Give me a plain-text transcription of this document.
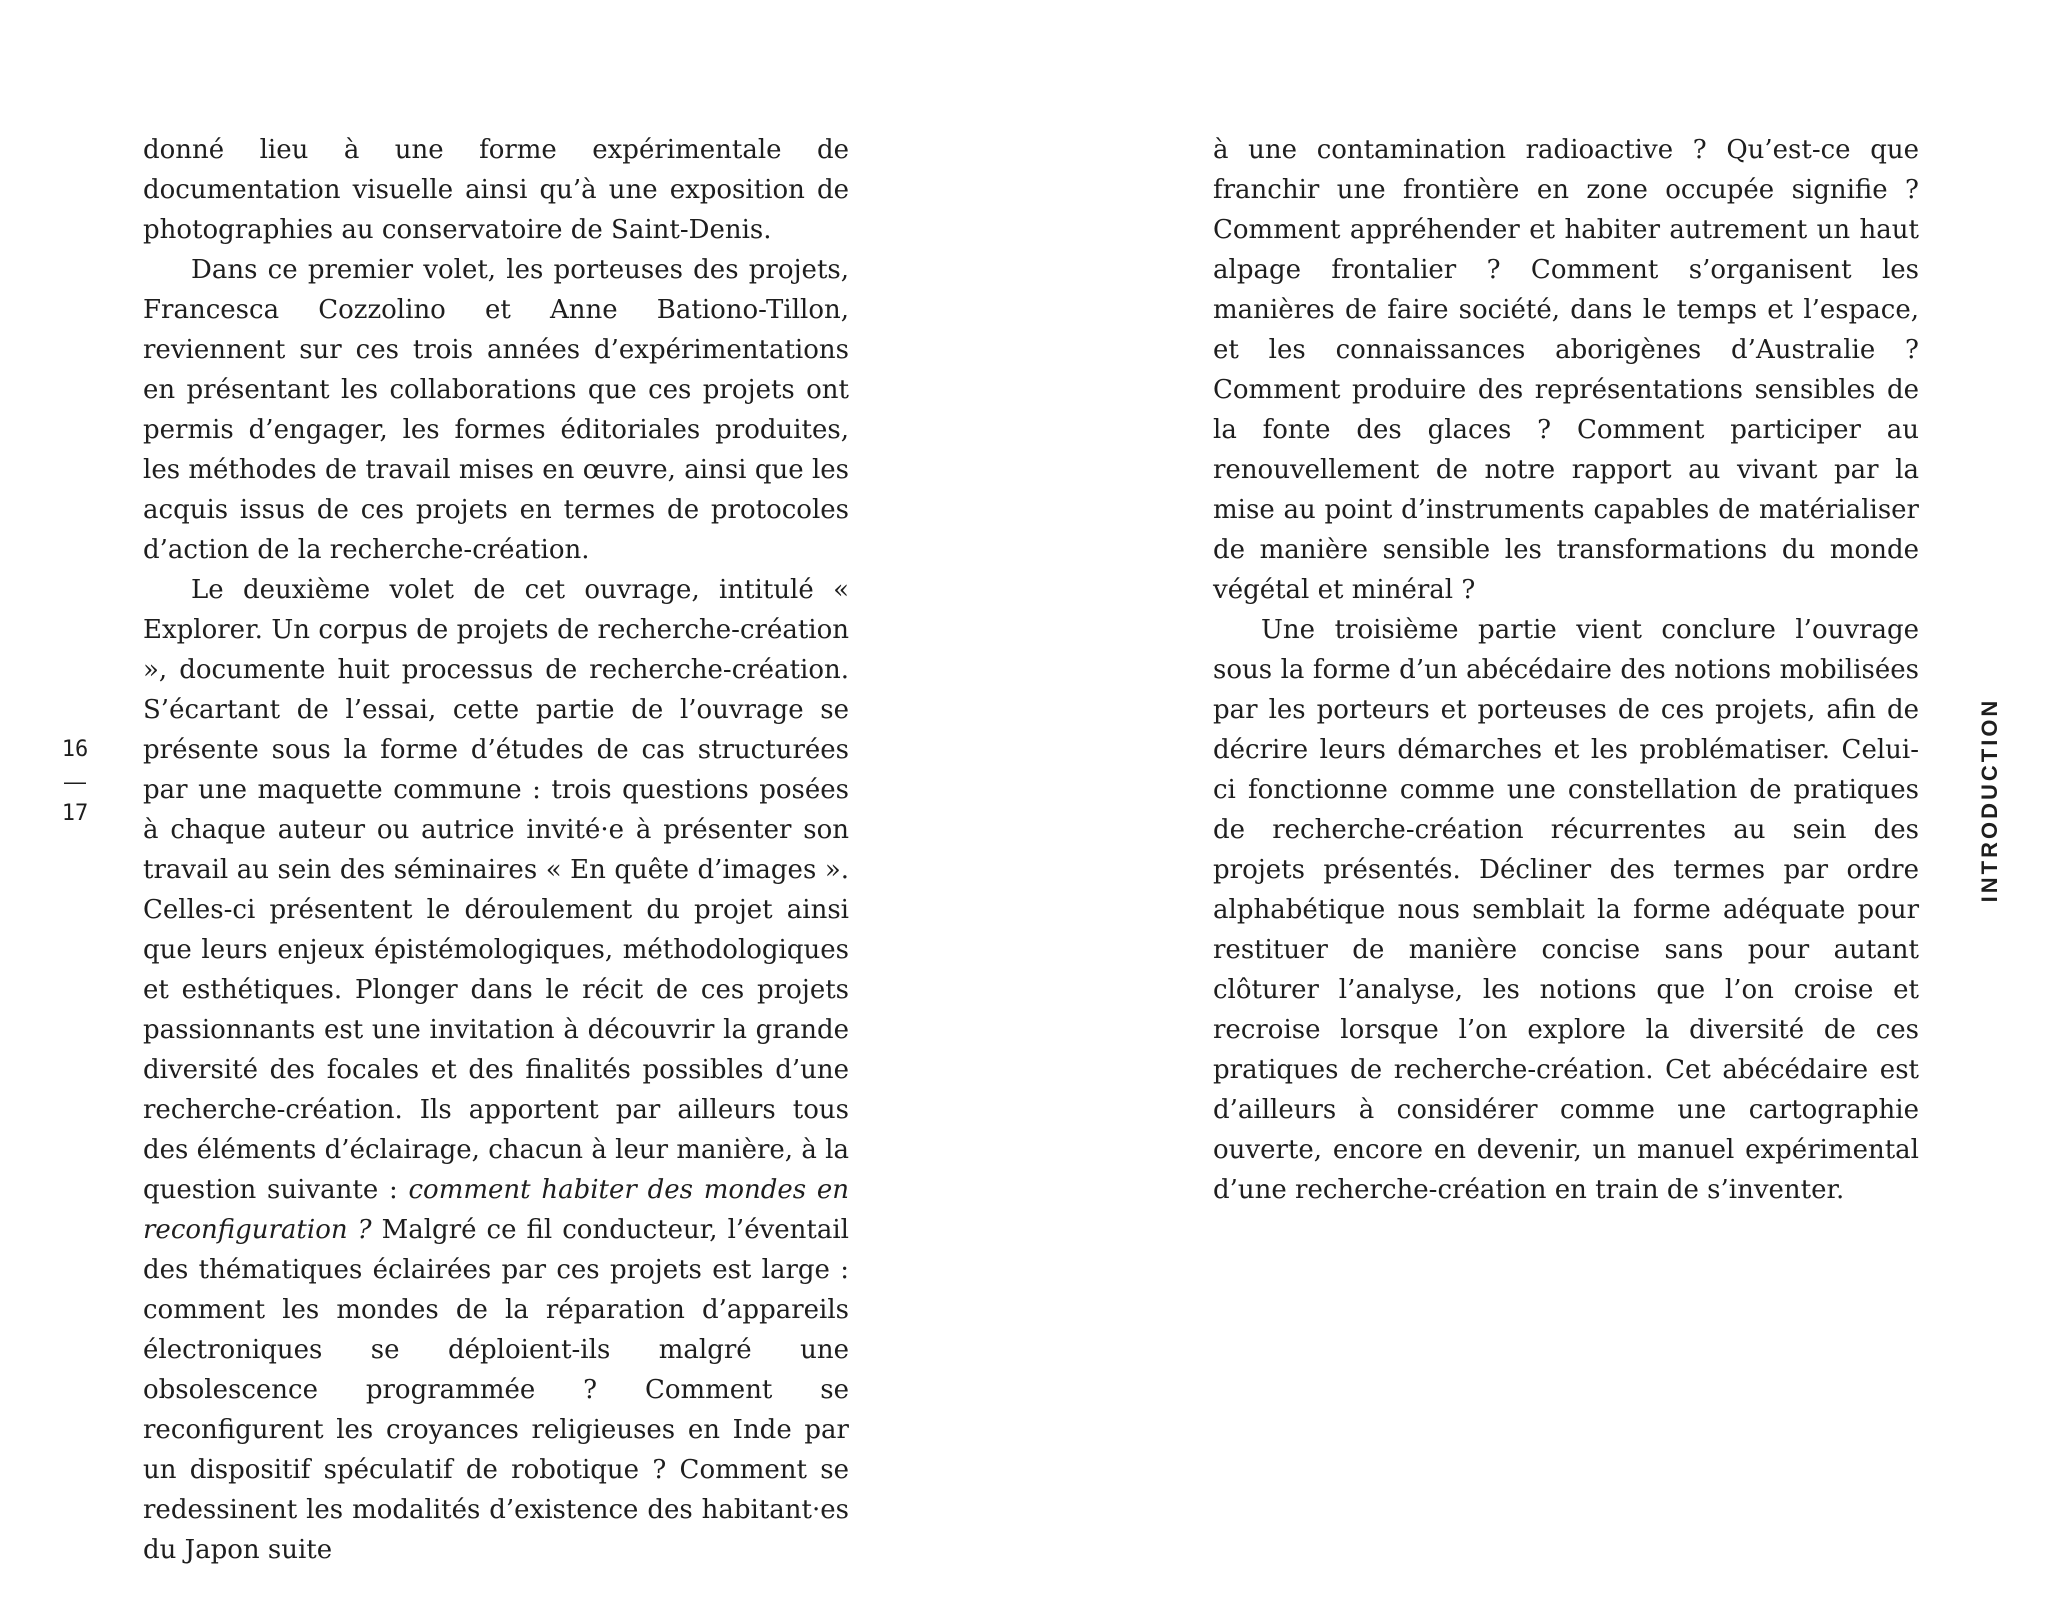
donné lieu à une forme expérimentale de documentation visuelle ainsi qu’à une exposition de photographies au conservatoire de Saint-Denis.

Dans ce premier volet, les porteuses des projets, Francesca Cozzolino et Anne Bationo-Tillon, reviennent sur ces trois années d’expérimentations en présentant les collaborations que ces projets ont permis d’engager, les formes éditoriales produites, les méthodes de travail mises en œuvre, ainsi que les acquis issus de ces projets en termes de protocoles d’action de la recherche-création.

Le deuxième volet de cet ouvrage, intitulé « Explorer. Un corpus de projets de recherche-création », documente huit processus de recherche-création. S’écartant de l’essai, cette partie de l’ouvrage se présente sous la forme d’études de cas structurées par une maquette commune : trois questions posées à chaque auteur ou autrice invité·e à présenter son travail au sein des séminaires « En quête d’images ». Celles-ci présentent le déroulement du projet ainsi que leurs enjeux épistémologiques, méthodologiques et esthétiques. Plonger dans le récit de ces projets passionnants est une invitation à découvrir la grande diversité des focales et des finalités possibles d’une recherche-création. Ils apportent par ailleurs tous des éléments d’éclairage, chacun à leur manière, à la question suivante : comment habiter des mondes en reconfiguration ? Malgré ce fil conducteur, l’éventail des thématiques éclairées par ces projets est large : comment les mondes de la réparation d’appareils électroniques se déploient-ils malgré une obsolescence programmée ? Comment se reconfigurent les croyances religieuses en Inde par un dispositif spéculatif de robotique ? Comment se redessinent les modalités d’existence des habitant·es du Japon suite

16
—
17

à une contamination radioactive ? Qu’est-ce que franchir une frontière en zone occupée signifie ? Comment appréhender et habiter autrement un haut alpage frontalier ? Comment s’organisent les manières de faire société, dans le temps et l’espace, et les connaissances aborigènes d’Australie ? Comment produire des représentations sensibles de la fonte des glaces ? Comment participer au renouvellement de notre rapport au vivant par la mise au point d’instruments capables de matérialiser de manière sensible les transformations du monde végétal et minéral ?

Une troisième partie vient conclure l’ouvrage sous la forme d’un abécédaire des notions mobilisées par les porteurs et porteuses de ces projets, afin de décrire leurs démarches et les problématiser. Celui-ci fonctionne comme une constellation de pratiques de recherche-création récurrentes au sein des projets présentés. Décliner des termes par ordre alphabétique nous semblait la forme adéquate pour restituer de manière concise sans pour autant clôturer l’analyse, les notions que l’on croise et recroise lorsque l’on explore la diversité de ces pratiques de recherche-création. Cet abécédaire est d’ailleurs à considérer comme une cartographie ouverte, encore en devenir, un manuel expérimental d’une recherche-création en train de s’inventer.

INTRODUCTION
